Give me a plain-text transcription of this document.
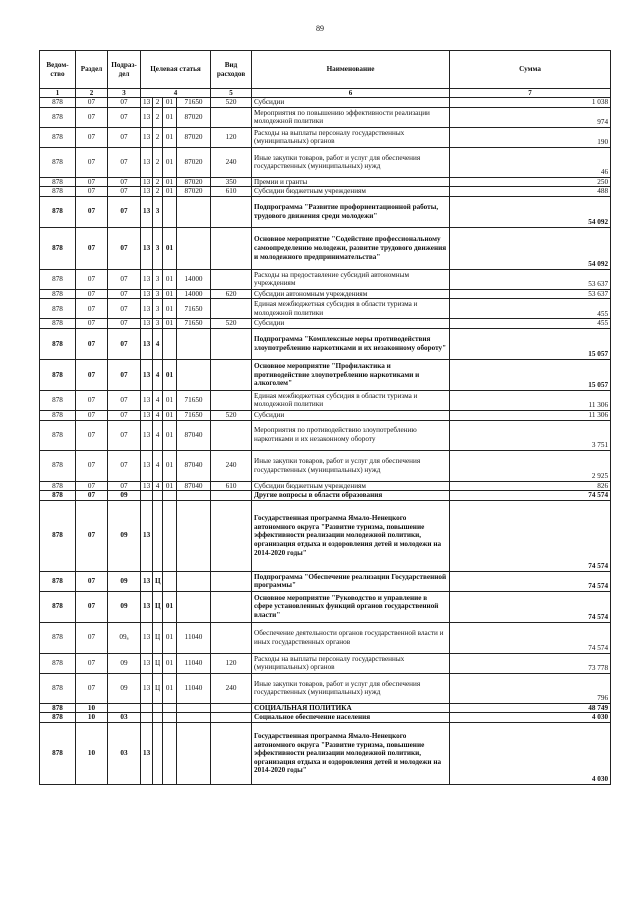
89
Ведом-ство	Раздел	Подраз-дел	Целевая статья				Вид расходов	Наименование	Сумма
1	2	3	4				5	6	7
878	07	07	13	2	01	71650	520	Субсидии	1 038
878	07	07	13	2	01	87020		Мероприятия по повышению эффективности реализации молодежной политики	974
878	07	07	13	2	01	87020	120	Расходы на выплаты персоналу государственных (муниципальных) органов	190
878	07	07	13	2	01	87020	240	Иные закупки товаров, работ и услуг для обеспечения государственных (муниципальных) нужд	46
878	07	07	13	2	01	87020	350	Премии и гранты	250
878	07	07	13	2	01	87020	610	Субсидии бюджетным учреждениям	488
878	07	07	13	3				Подпрограмма "Развитие профориентационной работы, трудового движения среди молодежи"	54 092
878	07	07	13	3	01			Основное мероприятие "Содействие профессиональному самоопределению молодежи, развитие трудового движения и молодежного предпринимательства"	54 092
878	07	07	13	3	01	14000		Расходы на предоставление субсидий автономным учреждениям	53 637
878	07	07	13	3	01	14000	620	Субсидии автономным учреждениям	53 637
878	07	07	13	3	01	71650		Единая межбюджетная субсидия в области туризма и молодежной политики	455
878	07	07	13	3	01	71650	520	Субсидии	455
878	07	07	13	4				Подпрограмма "Комплексные меры противодействия злоупотреблению наркотиками и их незаконному обороту"	15 057
878	07	07	13	4	01			Основное мероприятие "Профилактика и противодействие злоупотреблению наркотиками и алкоголем"	15 057
878	07	07	13	4	01	71650		Единая межбюджетная субсидия в области туризма и молодежной политики	11 306
878	07	07	13	4	01	71650	520	Субсидии	11 306
878	07	07	13	4	01	87040		Мероприятия по противодействию злоупотреблению наркотиками и их незаконному обороту	3 751
878	07	07	13	4	01	87040	240	Иные закупки товаров, работ и услуг для обеспечения государственных (муниципальных) нужд	2 925
878	07	07	13	4	01	87040	610	Субсидии бюджетным учреждениям	826
878	07	09						Другие вопросы в области образования	74 574
878	07	09	13					Государственная программа Ямало-Ненецкого автономного округа "Развитие туризма, повышение эффективности реализации молодежной политики, организация отдыха и оздоровления детей и молодежи на 2014-2020 годы"	74 574
878	07	09	13	Ц				Подпрограмма "Обеспечение реализации Государственной программы"	74 574
878	07	09	13	Ц	01			Основное мероприятие "Руководство и управление в сфере установленных функций органов государственной власти"	74 574
878	07	09ₐ	13	Ц	01	11040		Обеспечение деятельности органов государственной власти и иных государственных органов	74 574
878	07	09	13	Ц	01	11040	120	Расходы на выплаты персоналу государственных (муниципальных) органов	73 778
878	07	09	13	Ц	01	11040	240	Иные закупки товаров, работ и услуг для обеспечения государственных (муниципальных) нужд	796
878	10							СОЦИАЛЬНАЯ ПОЛИТИКА	48 749
878	10	03						Социальное обеспечение населения	4 030
878	10	03	13					Государственная программа Ямало-Ненецкого автономного округа "Развитие туризма, повышение эффективности реализации молодежной политики, организация отдыха и оздоровления детей и молодежи на 2014-2020 годы"	4 030
